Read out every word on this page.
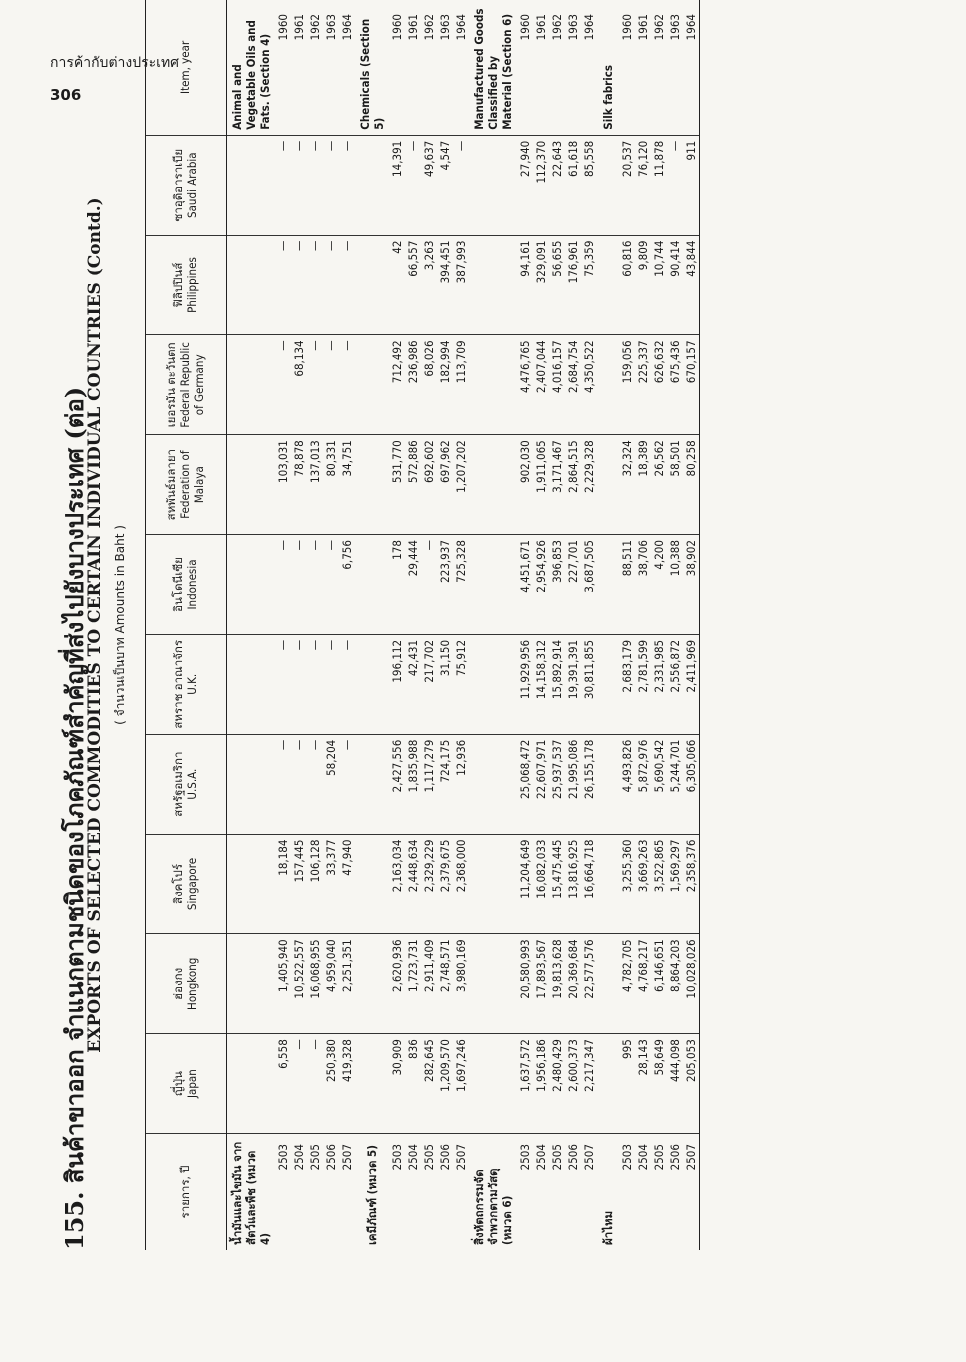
การค้ากับต่างประเทศ
306
155. สินค้าขาออก จำแนกตามชนิดของโภคภัณฑ์สำคัญที่ส่งไปยังบางประเทศ (ต่อ)
EXPORTS OF SELECTED COMMODITIES TO CERTAIN INDIVIDUAL COUNTRIES (Contd.) ( จำนวนเป็นบาท Amounts in Baht )
รายการ, ปี	ญี่ปุ่น Japan	ฮ่องกง Hongkong	สิงคโปร์ Singapore	สหรัฐอเมริกา U.S.A.	สหราช อาณาจักร U.K.	อินโดนีเซีย Indonesia	สหพันธ์มลายา Federation of Malaya	เยอรมัน ตะวันตก Federal Republic of Germany	ฟิลิปปินส์ Philippines	ซาอุดิอาราเบีย Saudi Arabia	Item, year

น้ำมันและไขมัน จากสัตว์และพืช (หมวด 4)											Animal and Vegetable Oils and Fats. (Section 4)
2503	6,558	1,405,940	18,184	—	—	—	103,031	—	—	—	1960
2504	—	10,522,557	157,445	—	—	—	78,878	68,134	—	—	1961
2505	—	16,068,955	106,128	—	—	—	137,013	—	—	—	1962
2506	250,380	4,959,040	33,377	58,204	—	—	80,331	—	—	—	1963
2507	419,328	2,251,351	47,940	—	—	6,756	34,751	—	—	—	1964
เคมีภัณฑ์ (หมวด 5)											Chemicals (Section 5)
2503	30,909	2,620,936	2,163,034	2,427,556	196,112	178	531,770	712,492	42	14,391	1960
2504	836	1,723,731	2,448,634	1,835,988	42,431	29,444	572,886	236,986	66,557	—	1961
2505	282,645	2,911,409	2,329,229	1,117,279	217,702	—	692,602	68,026	3,263	49,637	1962
2506	1,209,570	2,748,571	2,379,675	724,175	31,150	223,937	697,962	182,994	394,451	4,547	1963
2507	1,697,246	3,980,169	2,368,000	12,936	75,912	725,328	1,207,202	113,709	387,993	—	1964
สิ่งหัตถกรรมจัด จำพวกตามวัสดุ (หมวด 6)											Manufactured Goods Classified by Material (Section 6)
2503	1,637,572	20,580,993	11,204,649	25,068,472	11,929,956	4,451,671	902,030	4,476,765	94,161	27,940	1960
2504	1,956,186	17,893,567	16,082,033	22,607,971	14,158,312	2,954,926	1,911,065	2,407,044	329,091	112,370	1961
2505	2,480,429	19,813,628	15,475,445	25,937,537	15,892,914	396,853	3,171,467	4,016,157	56,655	22,643	1962
2506	2,600,373	20,369,684	13,816,925	21,995,086	19,391,391	227,701	2,864,515	2,684,754	176,961	61,618	1963
2507	2,217,347	22,577,576	16,664,718	26,155,178	30,811,855	3,687,505	2,229,328	4,350,522	75,359	85,558	1964
ผ้าไหม											Silk fabrics
2503	995	4,782,705	3,255,360	4,493,826	2,683,179	88,511	32,324	159,056	60,816	20,537	1960
2504	28,143	4,768,217	3,669,263	5,872,976	2,781,599	38,706	18,389	225,337	9,809	76,120	1961
2505	58,649	6,146,651	3,522,865	5,690,542	2,331,985	4,200	26,562	626,632	10,744	11,878	1962
2506	444,098	8,864,203	1,569,297	5,244,701	2,556,872	10,388	58,501	675,436	90,414	—	1963
2507	205,053	10,028,026	2,358,376	6,305,066	2,411,969	38,902	80,258	670,157	43,844	911	1964
